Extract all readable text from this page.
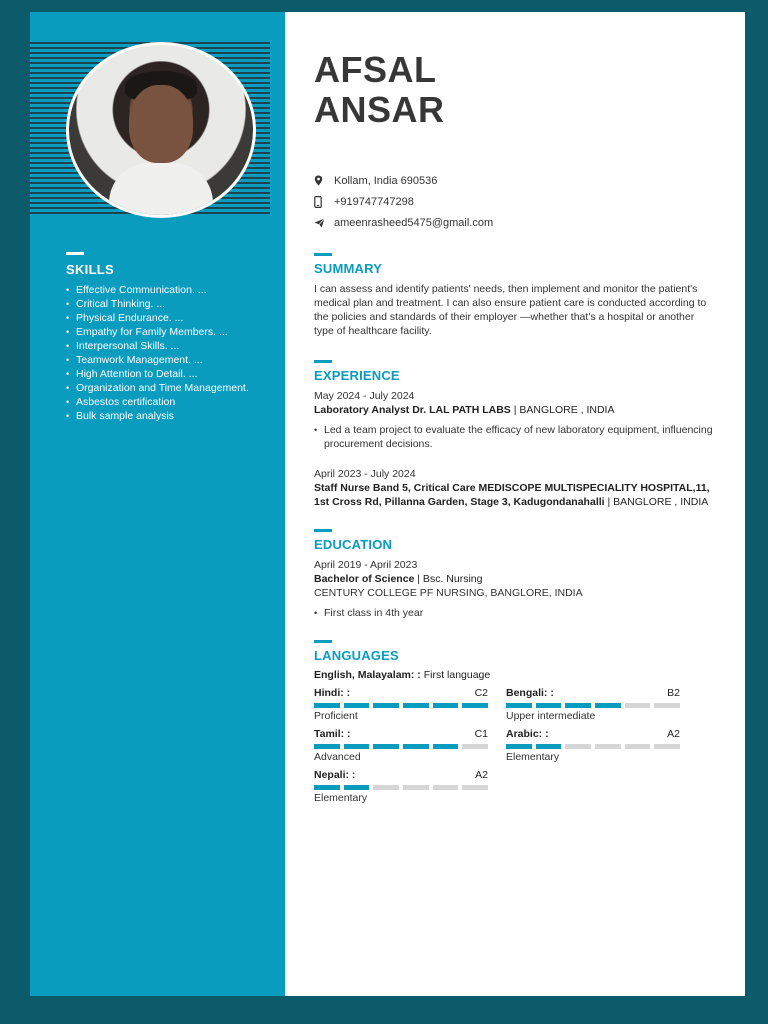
SKILLS
• Effective Communication. ...
• Critical Thinking. ...
• Physical Endurance. ...
• Empathy for Family Members. ...
• Interpersonal Skills. ...
• Teamwork Management. ...
• High Attention to Detail. ...
• Organization and Time Management.
• Asbestos certification
• Bulk sample analysis
AFSAL
ANSAR
Kollam, India 690536
+919747747298
ameenrasheed5475@gmail.com
SUMMARY

I can assess and identify patients' needs, then implement and monitor the patient's medical plan and treatment. I can also ensure patient care is conducted according to the policies and standards of their employer —whether that's a hospital or another type of healthcare facility.

EXPERIENCE
May 2024 - July 2024
Laboratory Analyst Dr. LAL PATH LABS | BANGLORE , INDIA
• Led a team project to evaluate the efficacy of new laboratory equipment, influencing procurement decisions.
April 2023 - July 2024
Staff Nurse Band 5, Critical Care MEDISCOPE MULTISPECIALITY HOSPITAL,11, 1st Cross Rd, Pillanna Garden, Stage 3, Kadugondanahalli | BANGLORE , INDIA
EDUCATION
April 2019 - April 2023
Bachelor of Science | Bsc. Nursing
CENTURY COLLEGE PF NURSING, BANGLORE, INDIA
• First class in 4th year
LANGUAGES
English, Malayalam: : First language
Hindi: :	C2
Proficient
Bengali: :	B2
Upper intermediate
Tamil: :	C1
Advanced
Arabic: :	A2
Elementary
Nepali: :	A2
Elementary
